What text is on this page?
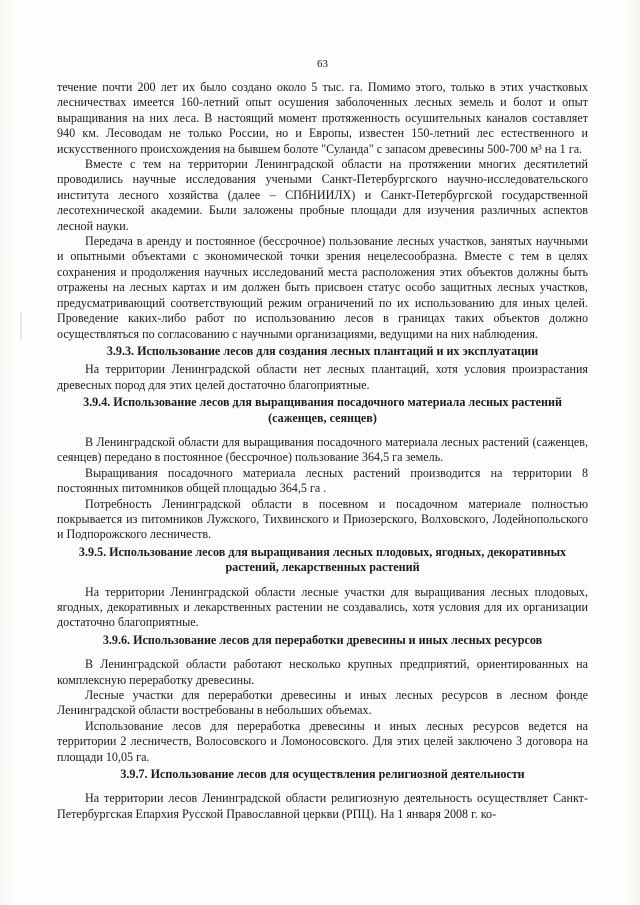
63

течение почти 200 лет их было создано около 5 тыс. га. Помимо этого, только в этих участковых лесничествах имеется 160-летний опыт осушения заболоченных лесных земель и болот и опыт выращивания на них леса. В настоящий момент протяженность осушительных каналов составляет 940 км. Лесоводам не только России, но и Европы, известен 150-летний лес естественного и искусственного происхождения на бывшем болоте "Суланда" с запасом древесины 500-700 м³ на 1 га.

Вместе с тем на территории Ленинградской области на протяжении многих десятилетий проводились научные исследования учеными Санкт-Петербургского научно-исследовательского института лесного хозяйства (далее – СПбНИИЛХ) и Санкт-Петербургской государственной лесотехнической академии. Были заложены пробные площади для изучения различных аспектов лесной науки.

Передача в аренду и постоянное (бессрочное) пользование лесных участков, занятых научными и опытными объектами с экономической точки зрения нецелесообразна. Вместе с тем в целях сохранения и продолжения научных исследований места расположения этих объектов должны быть отражены на лесных картах и им должен быть присвоен статус особо защитных лесных участков, предусматривающий соответствующий режим ограничений по их использованию для иных целей. Проведение каких-либо работ по использованию лесов в границах таких объектов должно осуществляться по согласованию с научными организациями, ведущими на них наблюдения.

3.9.3. Использование лесов для создания лесных плантаций и их эксплуатации

На территории Ленинградской области нет лесных плантаций, хотя условия произрастания древесных пород для этих целей достаточно благоприятные.

3.9.4. Использование лесов для выращивания посадочного материала лесных растений (саженцев, сеянцев)

В Ленинградской области для выращивания посадочного материала лесных растений (саженцев, сеянцев) передано в постоянное (бессрочное) пользование 364,5 га земель.

Выращивания посадочного материала лесных растений производится на территории 8 постоянных питомников общей площадью 364,5 га .

Потребность Ленинградской области в посевном и посадочном материале полностью покрывается из питомников Лужского, Тихвинского и Приозерского, Волховского, Лодейнопольского и Подпорожского лесничеств.

3.9.5. Использование лесов для выращивания лесных плодовых, ягодных, декоративных растений, лекарственных растений

На территории Ленинградской области лесные участки для выращивания лесных плодовых, ягодных, декоративных и лекарственных растении не создавались, хотя условия для их организации достаточно благоприятные.

3.9.6. Использование лесов для переработки древесины и иных лесных ресурсов

В Ленинградской области работают несколько крупных предприятий, ориентированных на комплексную переработку древесины.

Лесные участки для переработки древесины и иных лесных ресурсов в лесном фонде Ленинградской области востребованы в небольших объемах.

Использование лесов для переработка древесины и иных лесных ресурсов ведется на территории 2 лесничеств, Волосовского и Ломоносовского. Для этих целей заключено 3 договора на площади 10,05 га.

3.9.7. Использование лесов для осуществления религиозной деятельности

На территории лесов Ленинградской области религиозную деятельность осуществляет Санкт-Петербургская Епархия Русской Православной церкви (РПЦ). На 1 января 2008 г. ко-
